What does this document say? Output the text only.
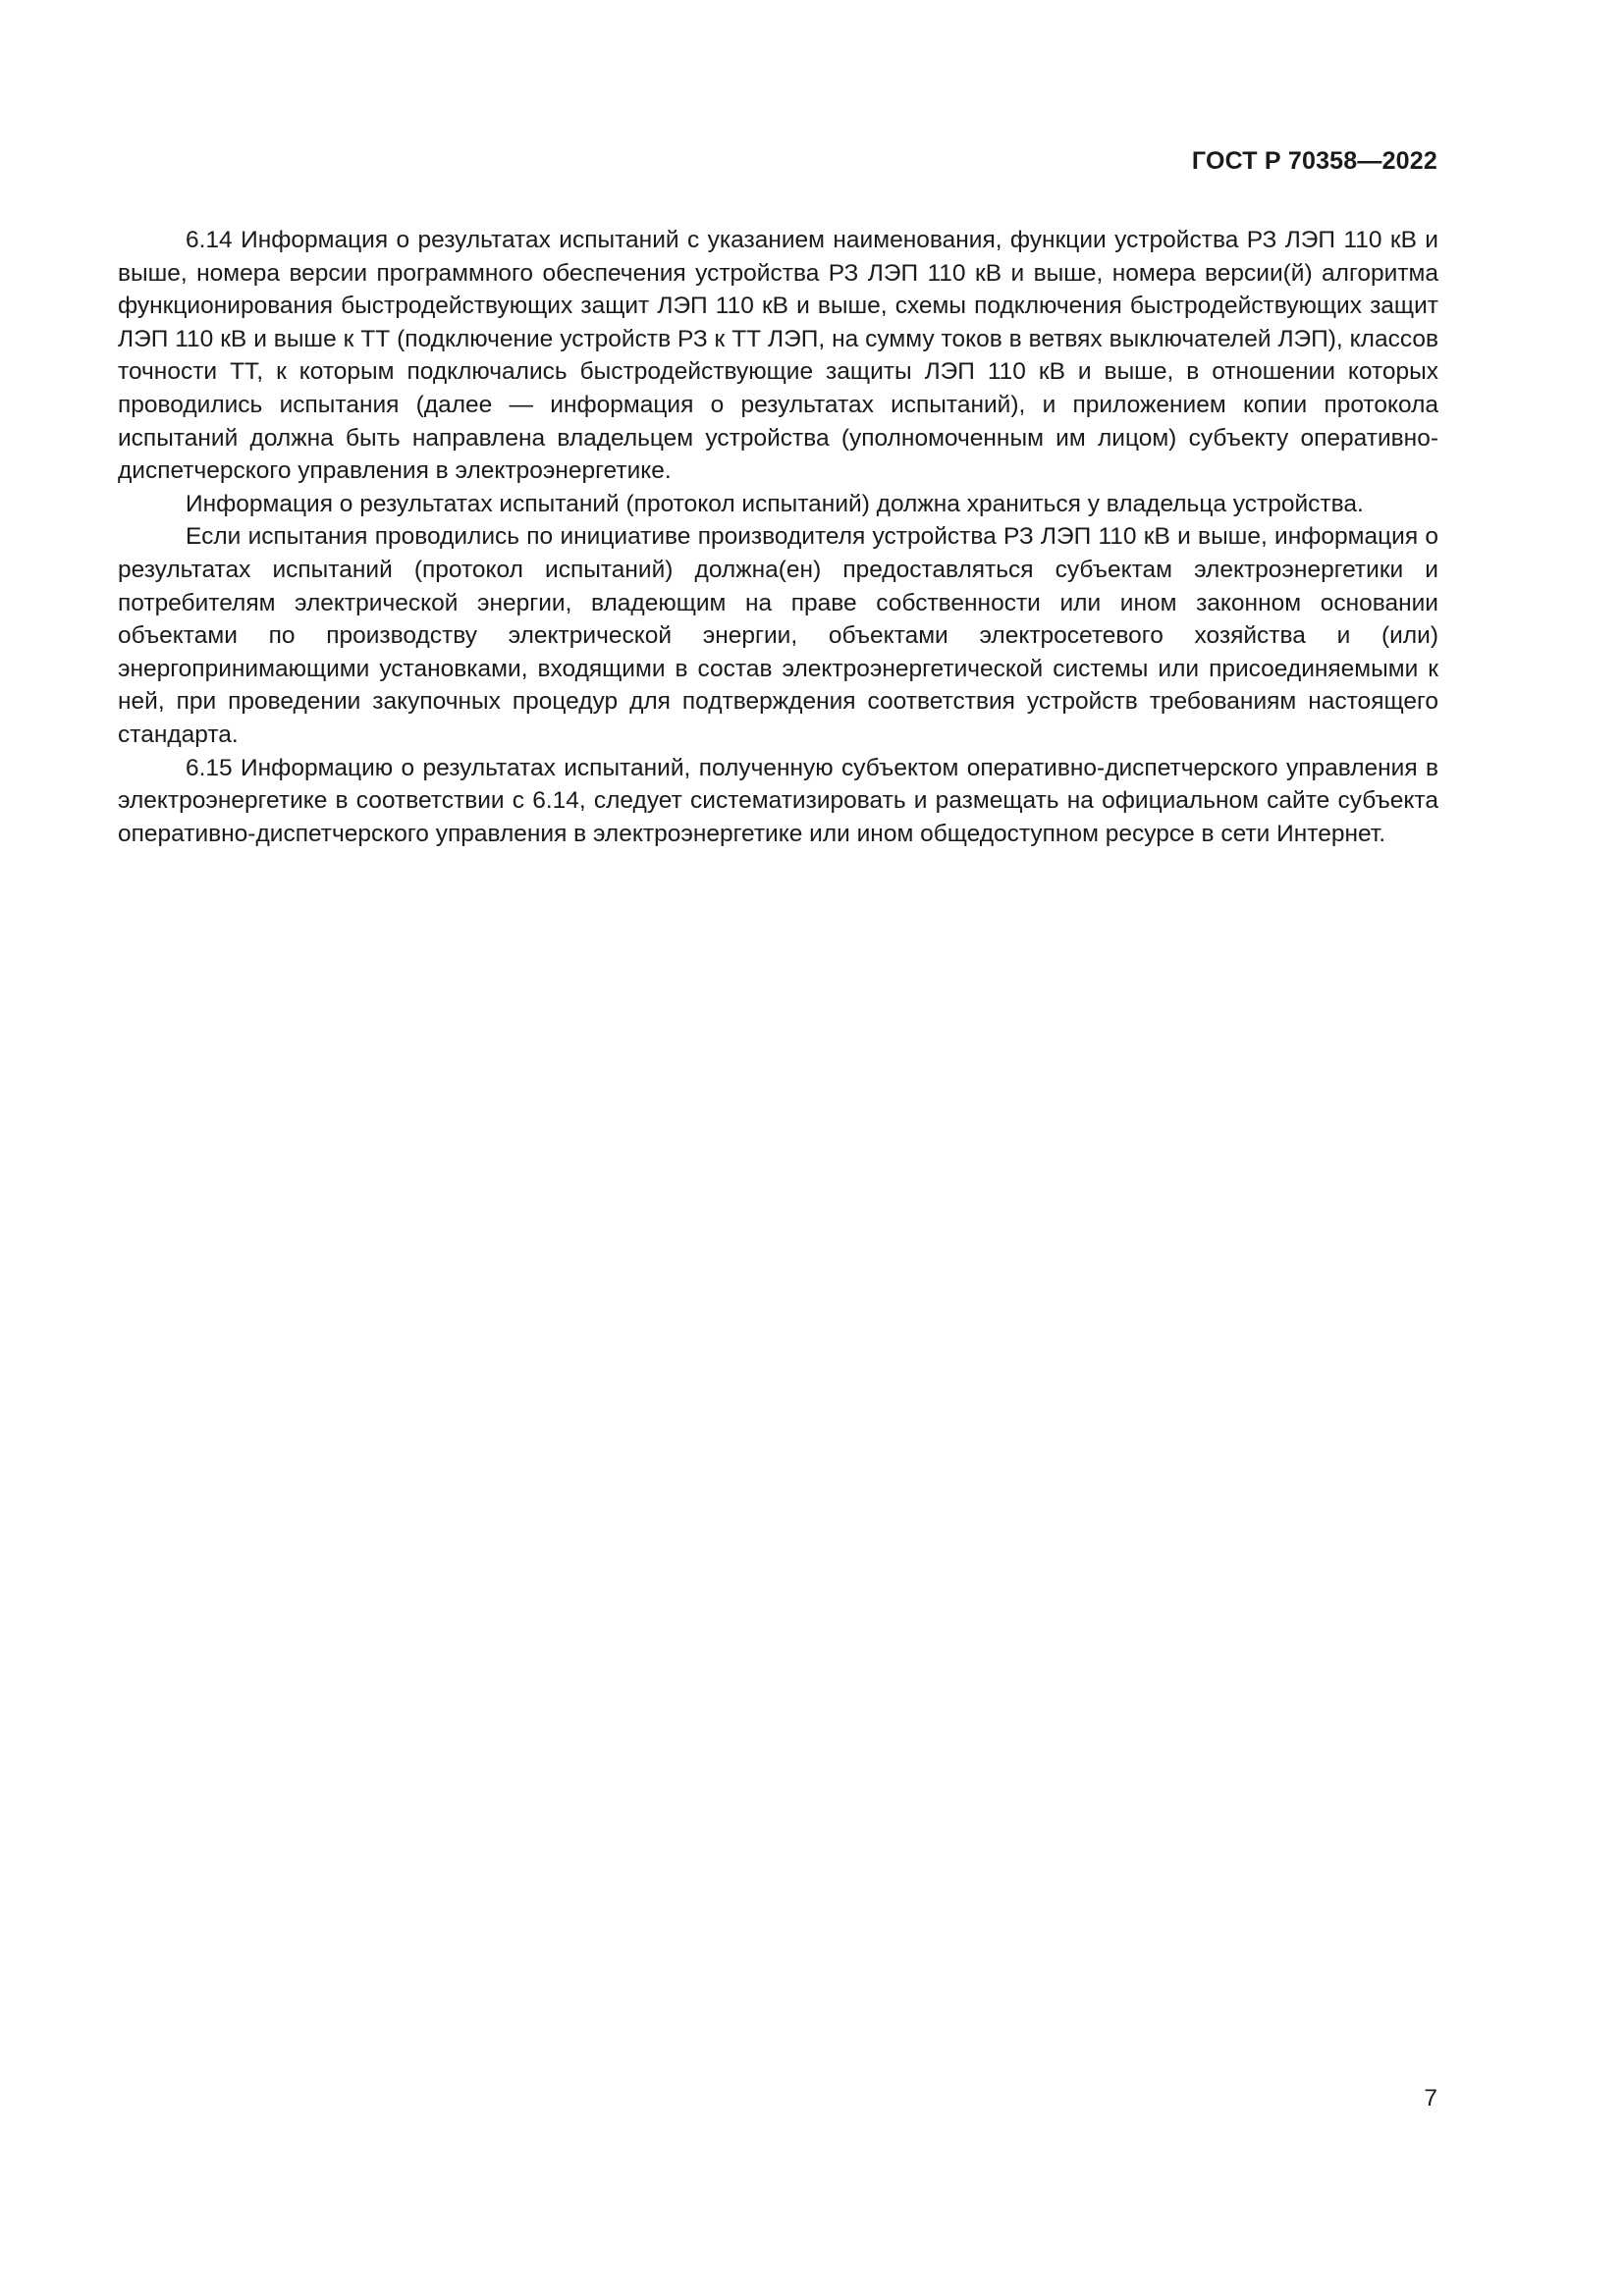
ГОСТ Р 70358—2022

6.14 Информация о результатах испытаний с указанием наименования, функции устройства РЗ ЛЭП 110 кВ и выше, номера версии программного обеспечения устройства РЗ ЛЭП 110 кВ и выше, номера версии(й) алгоритма функционирования быстродействующих защит ЛЭП 110 кВ и выше, схемы подключения быстродействующих защит ЛЭП 110 кВ и выше к ТТ (подключение устройств РЗ к ТТ ЛЭП, на сумму токов в ветвях выключателей ЛЭП), классов точности ТТ, к которым подключались быстродействующие защиты ЛЭП 110 кВ и выше, в отношении которых проводились испытания (далее — информация о результатах испытаний), и приложением копии протокола испытаний должна быть направлена владельцем устройства (уполномоченным им лицом) субъекту оперативно-диспетчерского управления в электроэнергетике.

Информация о результатах испытаний (протокол испытаний) должна храниться у владельца устройства.

Если испытания проводились по инициативе производителя устройства РЗ ЛЭП 110 кВ и выше, информация о результатах испытаний (протокол испытаний) должна(ен) предоставляться субъектам электроэнергетики и потребителям электрической энергии, владеющим на праве собственности или ином законном основании объектами по производству электрической энергии, объектами электросетевого хозяйства и (или) энергопринимающими установками, входящими в состав электроэнергетической системы или присоединяемыми к ней, при проведении закупочных процедур для подтверждения соответствия устройств требованиям настоящего стандарта.

6.15 Информацию о результатах испытаний, полученную субъектом оперативно-диспетчерского управления в электроэнергетике в соответствии с 6.14, следует систематизировать и размещать на официальном сайте субъекта оперативно-диспетчерского управления в электроэнергетике или ином общедоступном ресурсе в сети Интернет.

7
